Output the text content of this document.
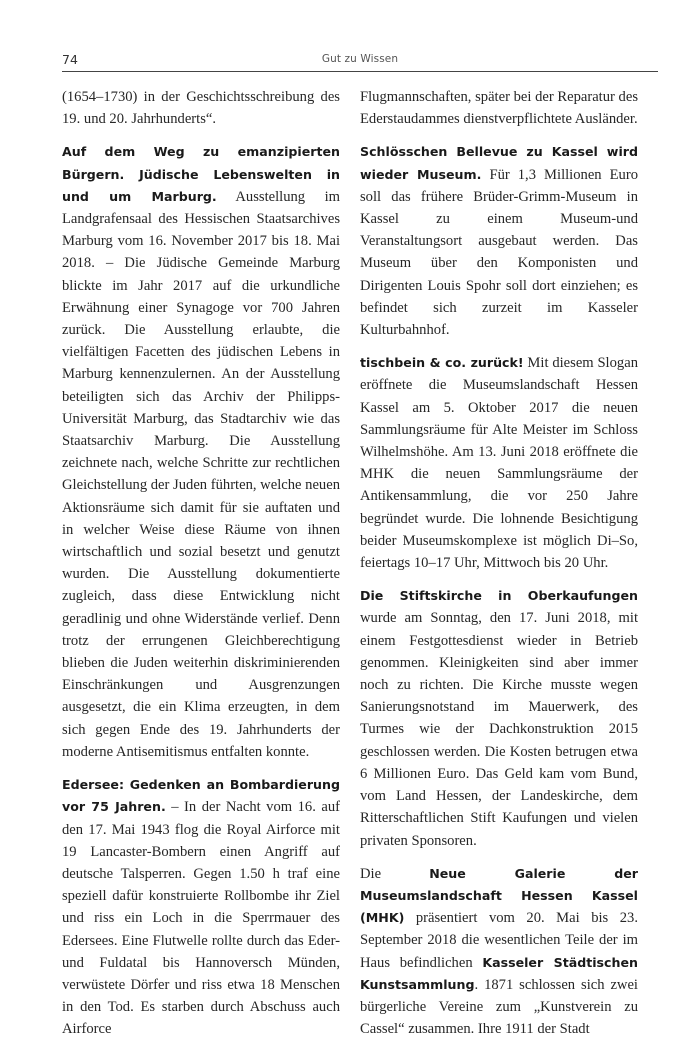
74	Gut zu Wissen

(1654–1730) in der Geschichtsschreibung des 19. und 20. Jahrhunderts“.

Auf dem Weg zu emanzipierten Bürgern. Jüdische Lebenswelten in und um Marburg. Ausstellung im Landgrafensaal des Hessischen Staatsarchives Marburg vom 16. November 2017 bis 18. Mai 2018. – Die Jüdische Gemeinde Marburg blickte im Jahr 2017 auf die urkundliche Erwähnung einer Synagoge vor 700 Jahren zurück. Die Ausstellung erlaubte, die vielfältigen Facetten des jüdischen Lebens in Marburg kennenzulernen. An der Ausstellung beteiligten sich das Archiv der Philipps-Universität Marburg, das Stadtarchiv wie das Staatsarchiv Marburg. Die Ausstellung zeichnete nach, welche Schritte zur rechtlichen Gleichstellung der Juden führten, welche neuen Aktionsräume sich damit für sie auftaten und in welcher Weise diese Räume von ihnen wirtschaftlich und sozial besetzt und genutzt wurden. Die Ausstellung dokumentierte zugleich, dass diese Entwicklung nicht geradlinig und ohne Widerstände verlief. Denn trotz der errungenen Gleichberechtigung blieben die Juden weiterhin diskriminierenden Einschränkungen und Ausgrenzungen ausgesetzt, die ein Klima erzeugten, in dem sich gegen Ende des 19. Jahrhunderts der moderne Antisemitismus entfalten konnte.

Edersee: Gedenken an Bombardierung vor 75 Jahren. – In der Nacht vom 16. auf den 17. Mai 1943 flog die Royal Airforce mit 19 Lancaster-Bombern einen Angriff auf deutsche Talsperren. Gegen 1.50 h traf eine speziell dafür konstruierte Rollbombe ihr Ziel und riss ein Loch in die Sperrmauer des Edersees. Eine Flutwelle rollte durch das Eder- und Fuldatal bis Hannoversch Münden, verwüstete Dörfer und riss etwa 18 Menschen in den Tod. Es starben durch Abschuss auch Airforce

Flugmannschaften, später bei der Reparatur des Ederstaudammes dienstverpflichtete Ausländer.

Schlösschen Bellevue zu Kassel wird wieder Museum. Für 1,3 Millionen Euro soll das frühere Brüder-Grimm-Museum in Kassel zu einem Museum-und Veranstaltungsort ausgebaut werden. Das Museum über den Komponisten und Dirigenten Louis Spohr soll dort einziehen; es befindet sich zurzeit im Kasseler Kulturbahnhof.

tischbein & co. zurück! Mit diesem Slogan eröffnete die Museumslandschaft Hessen Kassel am 5. Oktober 2017 die neuen Sammlungsräume für Alte Meister im Schloss Wilhelmshöhe. Am 13. Juni 2018 eröffnete die MHK die neuen Sammlungsräume der Antikensammlung, die vor 250 Jahre begründet wurde. Die lohnende Besichtigung beider Museumskomplexe ist möglich Di–So, feiertags 10–17 Uhr, Mittwoch bis 20 Uhr.

Die Stiftskirche in Oberkaufungen wurde am Sonntag, den 17. Juni 2018, mit einem Festgottesdienst wieder in Betrieb genommen. Kleinigkeiten sind aber immer noch zu richten. Die Kirche musste wegen Sanierungsnotstand im Mauerwerk, des Turmes wie der Dachkonstruktion 2015 geschlossen werden. Die Kosten betrugen etwa 6 Millionen Euro. Das Geld kam vom Bund, vom Land Hessen, der Landeskirche, dem Ritterschaftlichen Stift Kaufungen und vielen privaten Sponsoren.

Die Neue Galerie der Museumslandschaft Hessen Kassel (MHK) präsentiert vom 20. Mai bis 23. September 2018 die wesentlichen Teile der im Haus befindlichen Kasseler Städtischen Kunstsammlung. 1871 schlossen sich zwei bürgerliche Vereine zum „Kunstverein zu Cassel“ zusammen. Ihre 1911 der Stadt
